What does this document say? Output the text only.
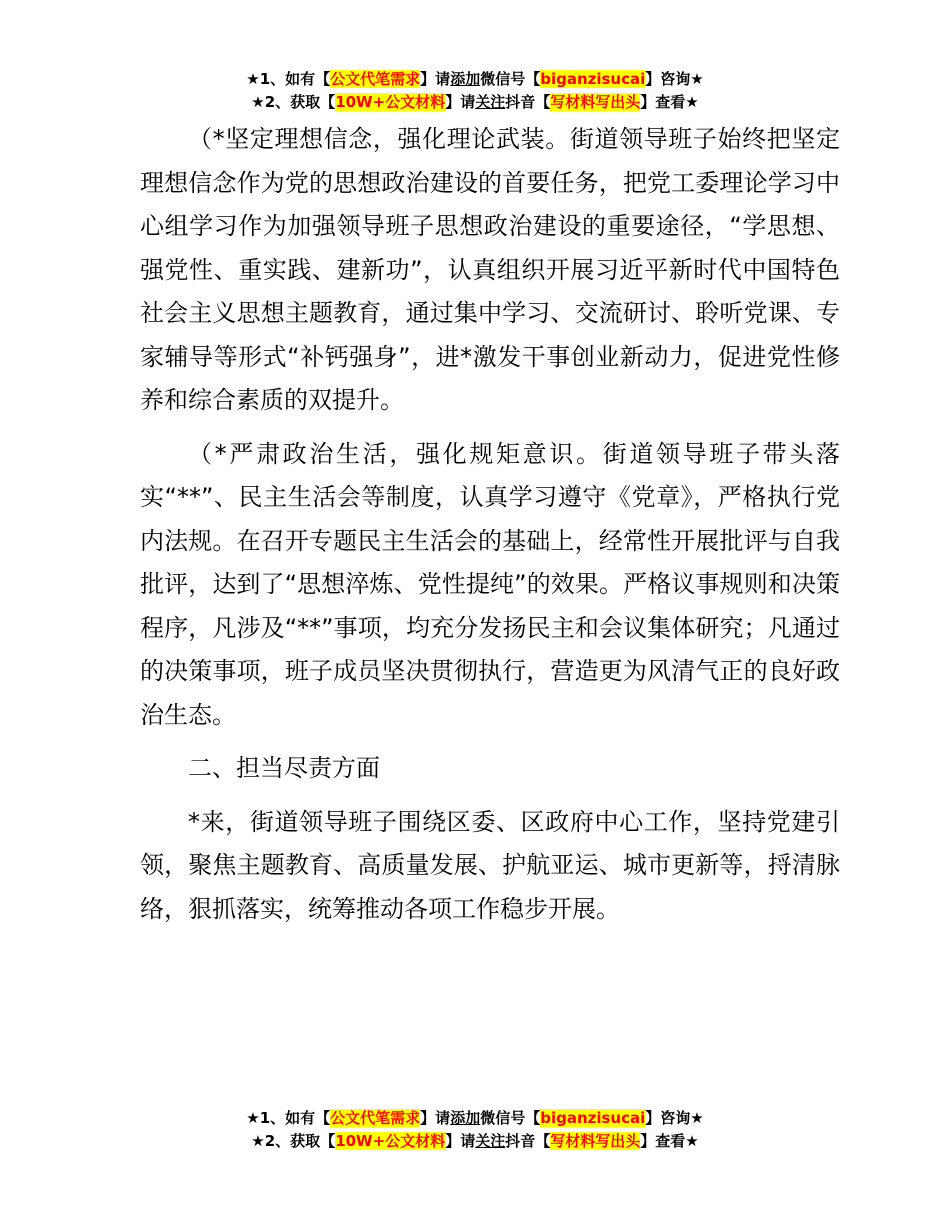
★1、如有【公文代笔需求】请添加微信号【biganzisucai】咨询★
★2、获取【10W+公文材料】请关注抖音【写材料写出头】查看★

（*坚定理想信念，强化理论武装。街道领导班子始终把坚定理想信念作为党的思想政治建设的首要任务，把党工委理论学习中心组学习作为加强领导班子思想政治建设的重要途径，“学思想、强党性、重实践、建新功”，认真组织开展习近平新时代中国特色社会主义思想主题教育，通过集中学习、交流研讨、聆听党课、专家辅导等形式“补钙强身”，进*激发干事创业新动力，促进党性修养和综合素质的双提升。

（*严肃政治生活，强化规矩意识。街道领导班子带头落实“**”、民主生活会等制度，认真学习遵守《党章》，严格执行党内法规。在召开专题民主生活会的基础上，经常性开展批评与自我批评，达到了“思想淬炼、党性提纯”的效果。严格议事规则和决策程序，凡涉及“**”事项，均充分发扬民主和会议集体研究；凡通过的决策事项，班子成员坚决贯彻执行，营造更为风清气正的良好政治生态。

二、担当尽责方面

*来，街道领导班子围绕区委、区政府中心工作，坚持党建引领，聚焦主题教育、高质量发展、护航亚运、城市更新等，捋清脉络，狠抓落实，统筹推动各项工作稳步开展。

★1、如有【公文代笔需求】请添加微信号【biganzisucai】咨询★
★2、获取【10W+公文材料】请关注抖音【写材料写出头】查看★
